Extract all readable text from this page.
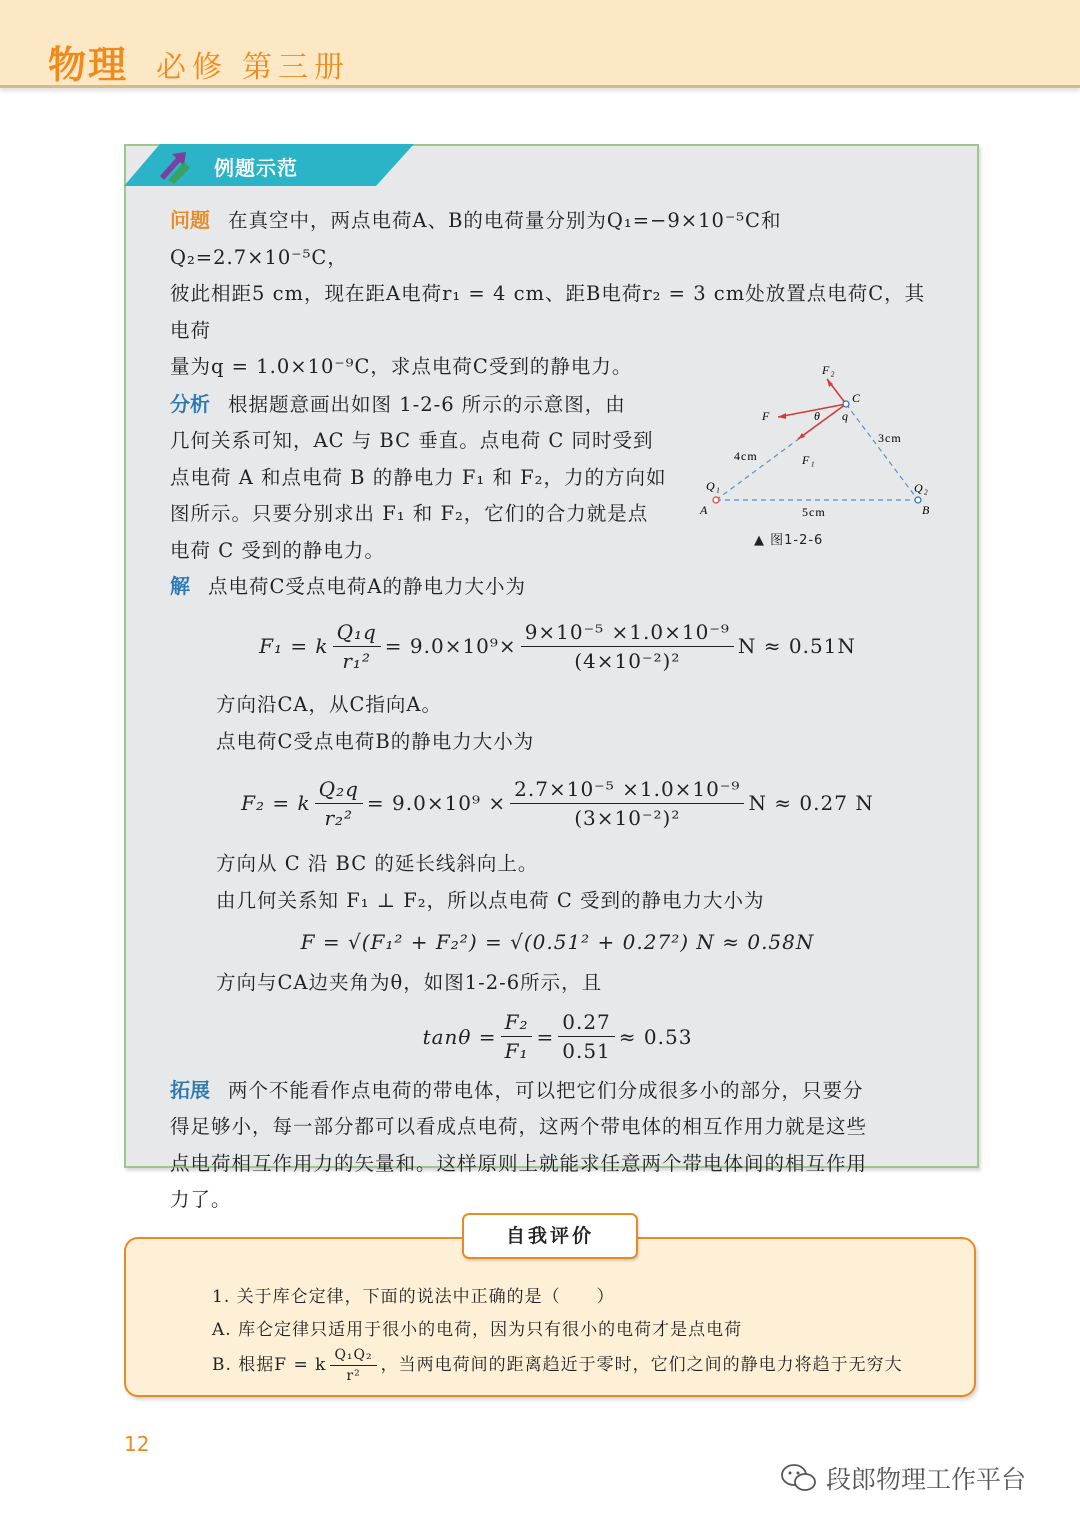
物理 必修 第三册
例题示范

问题 在真空中，两点电荷A、B的电荷量分别为Q₁=−9×10⁻⁵C和Q₂=2.7×10⁻⁵C，

彼此相距5 cm，现在距A电荷r₁ = 4 cm、距B电荷r₂ = 3 cm处放置点电荷C，其电荷

量为q = 1.0×10⁻⁹C，求点电荷C受到的静电力。

分析 根据题意画出如图 1-2-6 所示的示意图，由

几何关系可知，AC 与 BC 垂直。点电荷 C 同时受到

点电荷 A 和点电荷 B 的静电力 F₁ 和 F₂，力的方向如

图所示。只要分别求出 F₁ 和 F₂，它们的合力就是点

电荷 C 受到的静电力。

F₂
C
F	θ q
3cm
4cm	F₁
Q₁	Q₂
A	B
5cm
▲ 图1-2-6

解 点电荷C受点电荷A的静电力大小为

F₁ = k $\frac{\text{Q₁q}}{\text{r₁²}} = 9.0\times 10^9\times \frac{\text{9×10⁻⁵ ×1.0×10⁻⁹}}{\text{(4×10⁻²)²}}$ N ≈ 0.51N

方向沿CA，从C指向A。

点电荷C受点电荷B的静电力大小为

F₂ = k $\frac{\text{Q₂q}}{\text{r₂²}} = 9.0\times 10^9 \times \frac{\text{2.7×10⁻⁵ ×1.0×10⁻⁹}}{\text{(3×10⁻²)²}}$ N ≈ 0.27 N

方向从 C 沿 BC 的延长线斜向上。

由几何关系知 F₁ ⊥ F₂，所以点电荷 C 受到的静电力大小为

F = √(F₁² + F₂²) = √(0.51² + 0.27²) N ≈ 0.58N

方向与CA边夹角为θ，如图1-2-6所示，且

$\tan\theta = \frac{\text{F₂}}{\text{F₁}} = \frac{0.27}{0.51} \approx 0.53$

拓展 两个不能看作点电荷的带电体，可以把它们分成很多小的部分，只要分

得足够小，每一部分都可以看成点电荷，这两个带电体的相互作用力就是这些

点电荷相互作用力的矢量和。这样原则上就能求任意两个带电体间的相互作用

力了。

自我评价

1. 关于库仑定律，下面的说法中正确的是（　　）

A. 库仑定律只适用于很小的电荷，因为只有很小的电荷才是点电荷

B. 根据F = k $\frac{\text{Q₁Q₂}}{\text{r²}}$ ，当两电荷间的距离趋近于零时，它们之间的静电力将趋于无穷大

12
段郎物理工作平台
